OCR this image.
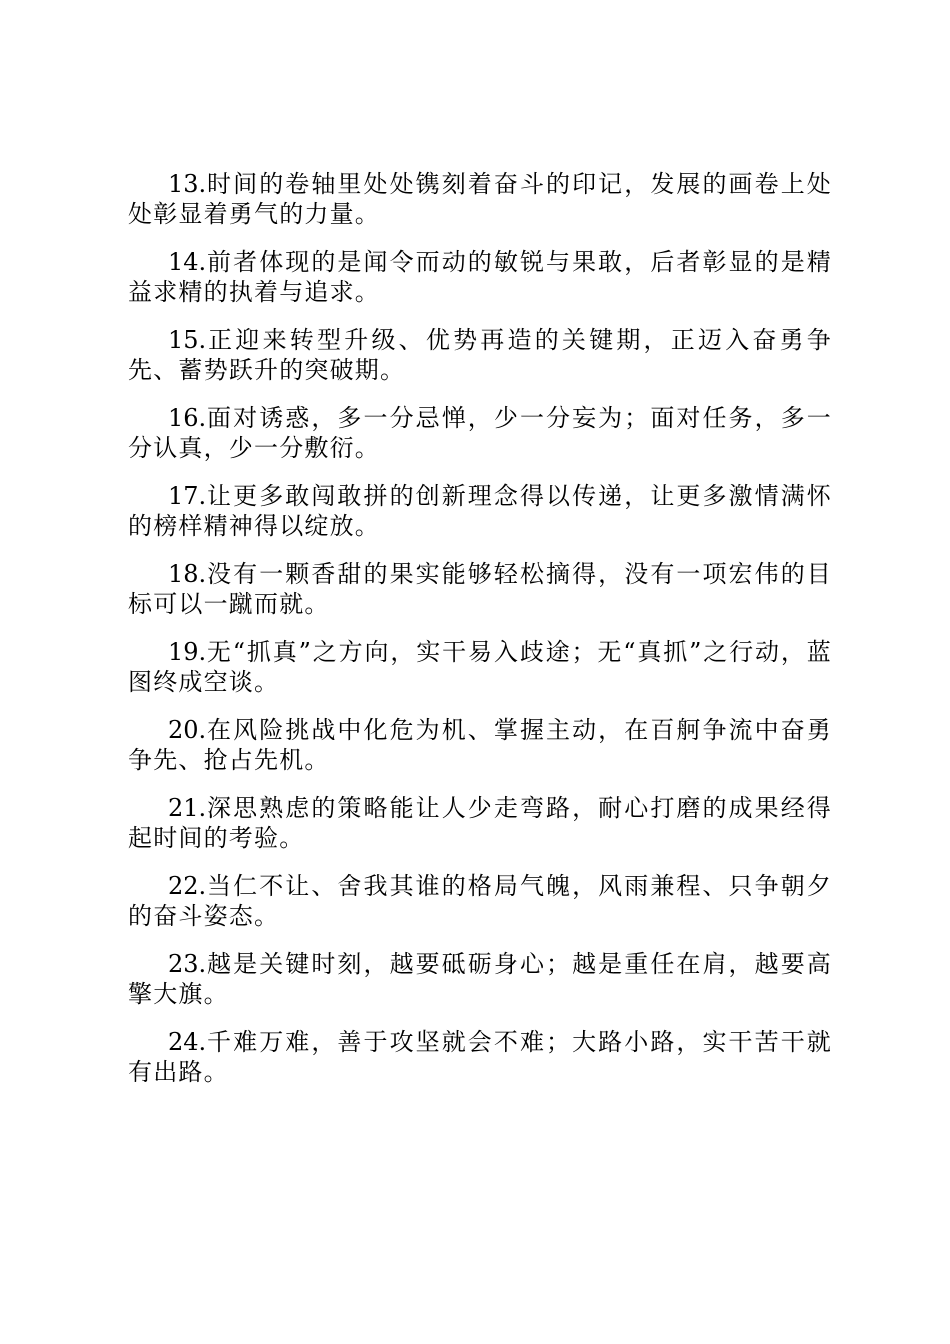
13.时间的卷轴里处处镌刻着奋斗的印记，发展的画卷上处处彰显着勇气的力量。

14.前者体现的是闻令而动的敏锐与果敢，后者彰显的是精益求精的执着与追求。

15.正迎来转型升级、优势再造的关键期，正迈入奋勇争先、蓄势跃升的突破期。

16.面对诱惑，多一分忌惮，少一分妄为；面对任务，多一分认真，少一分敷衍。

17.让更多敢闯敢拼的创新理念得以传递，让更多激情满怀的榜样精神得以绽放。

18.没有一颗香甜的果实能够轻松摘得，没有一项宏伟的目标可以一蹴而就。

19.无“抓真”之方向，实干易入歧途；无“真抓”之行动，蓝图终成空谈。

20.在风险挑战中化危为机、掌握主动，在百舸争流中奋勇争先、抢占先机。

21.深思熟虑的策略能让人少走弯路，耐心打磨的成果经得起时间的考验。

22.当仁不让、舍我其谁的格局气魄，风雨兼程、只争朝夕的奋斗姿态。

23.越是关键时刻，越要砥砺身心；越是重任在肩，越要高擎大旗。

24.千难万难，善于攻坚就会不难；大路小路，实干苦干就有出路。
